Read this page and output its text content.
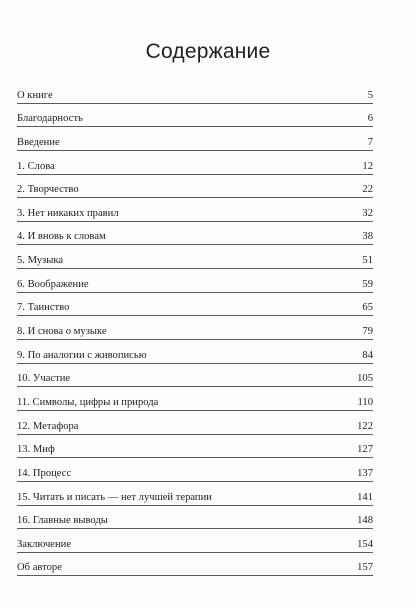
Содержание
О книге	5
Благодарность	6
Введение	7
1. Слова	12
2. Творчество	22
3. Нет никаких правил	32
4. И вновь к словам	38
5. Музыка	51
6. Воображение	59
7. Таинство	65
8. И снова о музыке	79
9. По аналогии с живописью	84
10. Участие	105
11. Символы, цифры и природа	110
12. Метафора	122
13. Миф	127
14. Процесс	137
15. Читать и писать — нет лучшей терапии	141
16. Главные выводы	148
Заключение	154
Об авторе	157
